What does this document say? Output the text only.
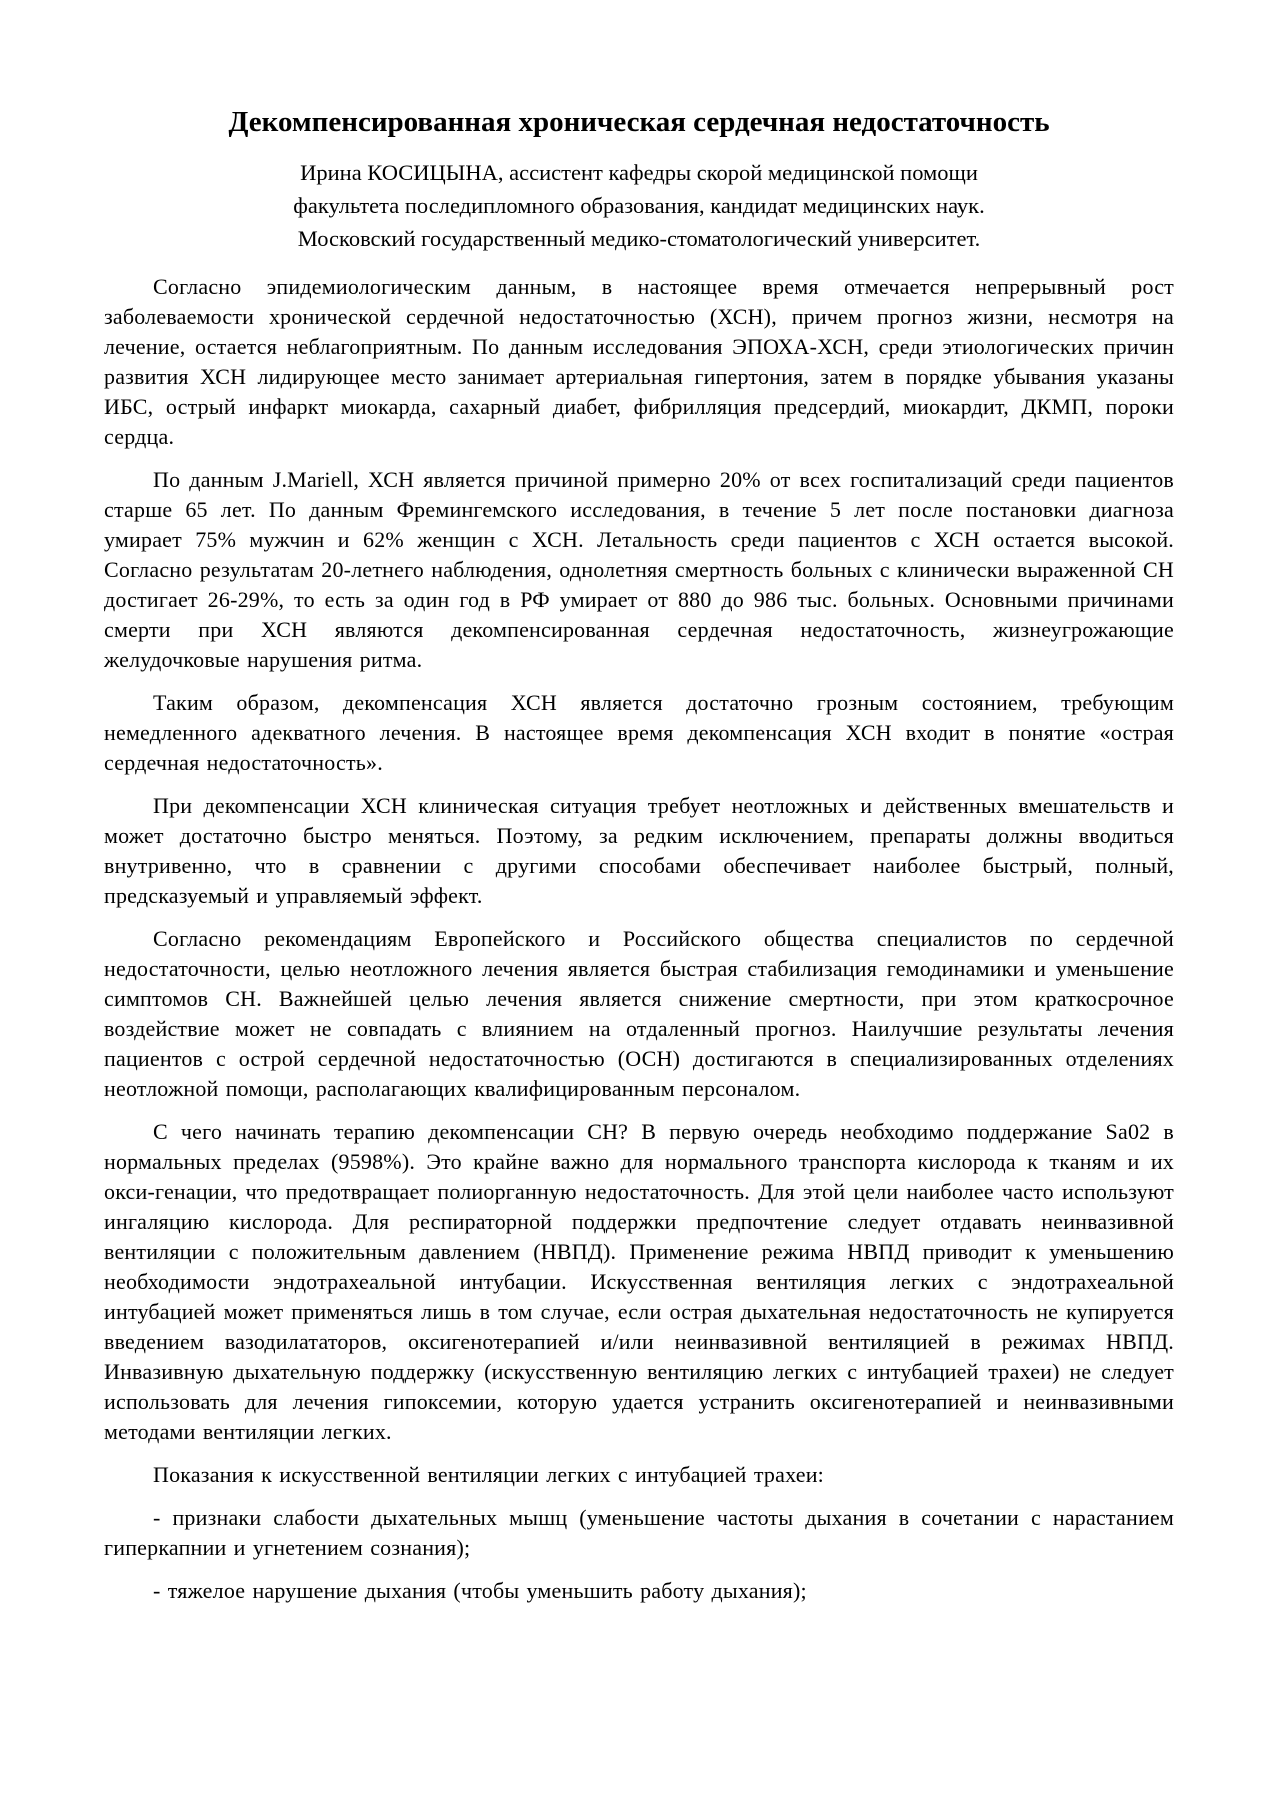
Декомпенсированная хроническая сердечная недостаточность
Ирина КОСИЦЫНА, ассистент кафедры скорой медицинской помощи
факультета последипломного образования, кандидат медицинских наук.
Московский государственный медико-стоматологический университет.

Согласно эпидемиологическим данным, в настоящее время отмечается непрерывный рост заболеваемости хронической сердечной недостаточностью (ХСН), причем прогноз жизни, несмотря на лечение, остается неблагоприятным. По данным исследования ЭПОХА-ХСН, среди этиологических причин развития ХСН лидирующее место занимает артериальная гипертония, затем в порядке убывания указаны ИБС, острый инфаркт миокарда, сахарный диабет, фибрилляция предсердий, миокардит, ДКМП, пороки сердца.

По данным J.Mariell, ХСН является причиной примерно 20% от всех госпитализаций среди пациентов старше 65 лет. По данным Фремингемского исследования, в течение 5 лет после постановки диагноза умирает 75% мужчин и 62% женщин с ХСН. Летальность среди пациентов с ХСН остается высокой. Согласно результатам 20-летнего наблюдения, однолетняя смертность больных с клинически выраженной СН достигает 26-29%, то есть за один год в РФ умирает от 880 до 986 тыс. больных. Основными причинами смерти при ХСН являются декомпенсированная сердечная недостаточность, жизнеугрожающие желудочковые нарушения ритма.

Таким образом, декомпенсация ХСН является достаточно грозным состоянием, требующим немедленного адекватного лечения. В настоящее время декомпенсация ХСН входит в понятие «острая сердечная недостаточность».

При декомпенсации ХСН клиническая ситуация требует неотложных и действенных вмешательств и может достаточно быстро меняться. Поэтому, за редким исключением, препараты должны вводиться внутривенно, что в сравнении с другими способами обеспечивает наиболее быстрый, полный, предсказуемый и управляемый эффект.

Согласно рекомендациям Европейского и Российского общества специалистов по сердечной недостаточности, целью неотложного лечения является быстрая стабилизация гемодинамики и уменьшение симптомов СН. Важнейшей целью лечения является снижение смертности, при этом краткосрочное воздействие может не совпадать с влиянием на отдаленный прогноз. Наилучшие результаты лечения пациентов с острой сердечной недостаточностью (ОСН) достигаются в специализированных отделениях неотложной помощи, располагающих квалифицированным персоналом.

С чего начинать терапию декомпенсации СН? В первую очередь необходимо поддержание Sa02 в нормальных пределах (9598%). Это крайне важно для нормального транспорта кислорода к тканям и их окси-генации, что предотвращает полиорганную недостаточность. Для этой цели наиболее часто используют ингаляцию кислорода. Для респираторной поддержки предпочтение следует отдавать неинвазивной вентиляции с положительным давлением (НВПД). Применение режима НВПД приводит к уменьшению необходимости эндотрахеальной интубации. Искусственная вентиляция легких с эндотрахеальной интубацией может применяться лишь в том случае, если острая дыхательная недостаточность не купируется введением вазодилататоров, оксигенотерапией и/или неинвазивной вентиляцией в режимах НВПД. Инвазивную дыхательную поддержку (искусственную вентиляцию легких с интубацией трахеи) не следует использовать для лечения гипоксемии, которую удается устранить оксигенотерапией и неинвазивными методами вентиляции легких.

Показания к искусственной вентиляции легких с интубацией трахеи:

- признаки слабости дыхательных мышц (уменьшение частоты дыхания в сочетании с нарастанием гиперкапнии и угнетением сознания);

- тяжелое нарушение дыхания (чтобы уменьшить работу дыхания);
